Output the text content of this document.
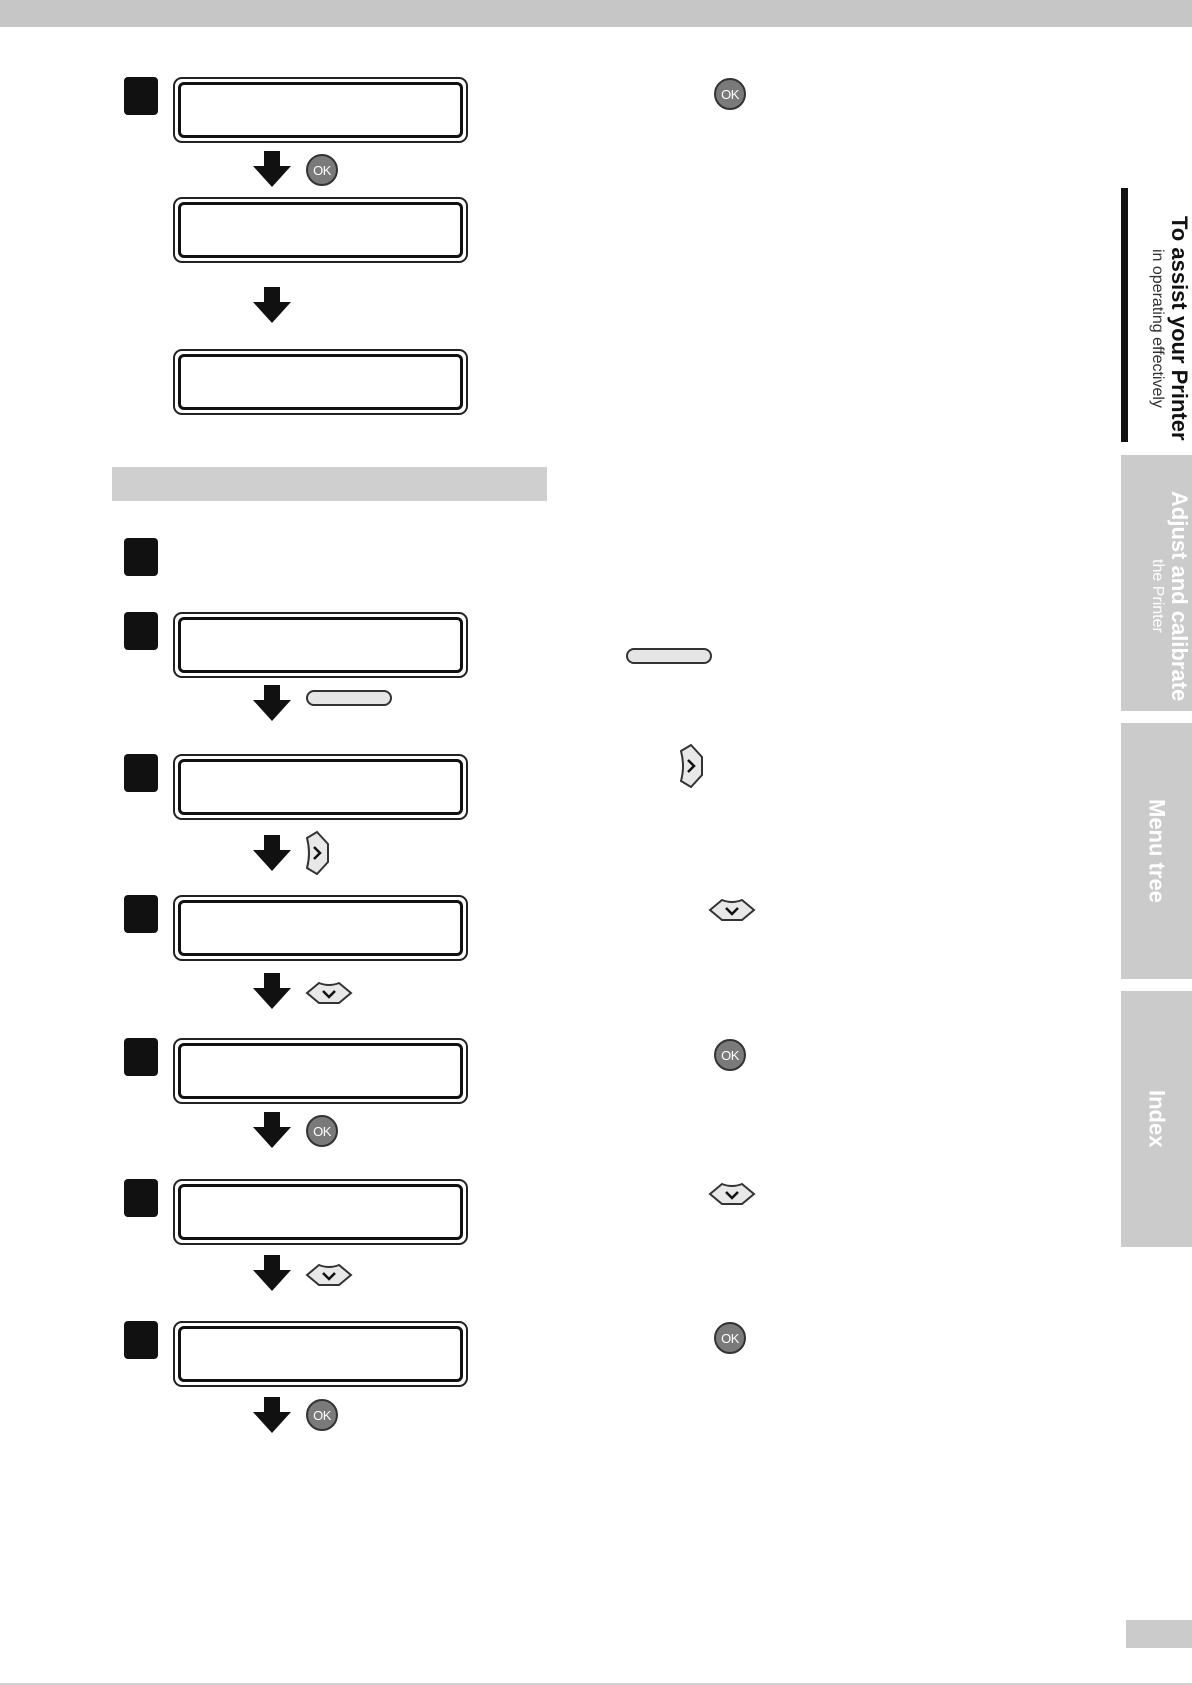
OK
OK
OK
OK
OK
OK
To assist your Printer
in operating effectively
Adjust and calibrate
the Printer
Menu tree
Index
